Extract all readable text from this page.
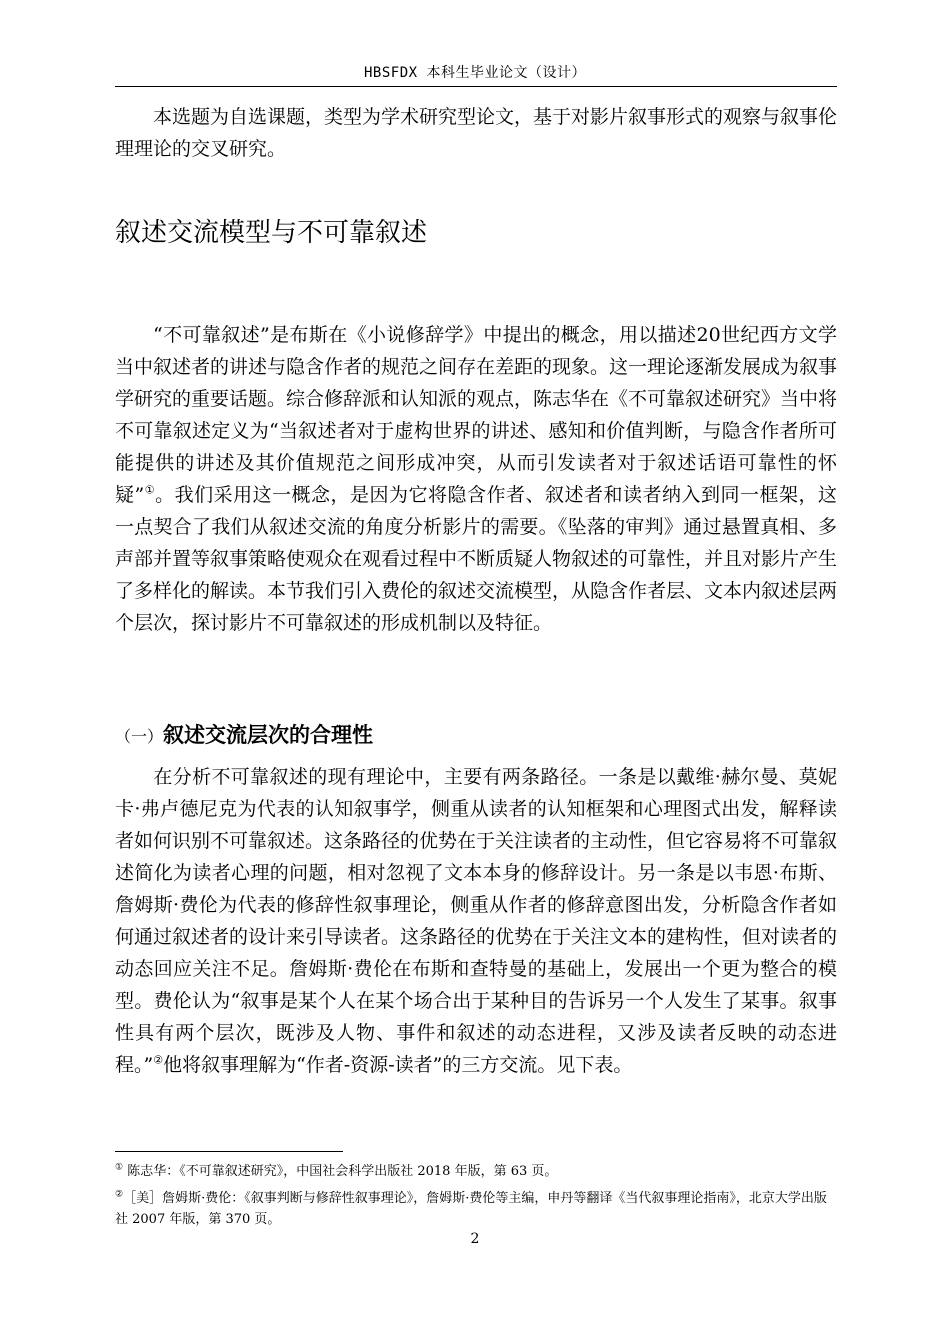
HBSFDX 本科生毕业论文（设计）

本选题为自选课题，类型为学术研究型论文，基于对影片叙事形式的观察与叙事伦理理论的交叉研究。

叙述交流模型与不可靠叙述

“不可靠叙述”是布斯在《小说修辞学》中提出的概念，用以描述20世纪西方文学当中叙述者的讲述与隐含作者的规范之间存在差距的现象。这一理论逐渐发展成为叙事学研究的重要话题。综合修辞派和认知派的观点，陈志华在《不可靠叙述研究》当中将不可靠叙述定义为“当叙述者对于虚构世界的讲述、感知和价值判断，与隐含作者所可能提供的讲述及其价值规范之间形成冲突，从而引发读者对于叙述话语可靠性的怀疑”①。我们采用这一概念，是因为它将隐含作者、叙述者和读者纳入到同一框架，这一点契合了我们从叙述交流的角度分析影片的需要。《坠落的审判》通过悬置真相、多声部并置等叙事策略使观众在观看过程中不断质疑人物叙述的可靠性，并且对影片产生了多样化的解读。本节我们引入费伦的叙述交流模型，从隐含作者层、文本内叙述层两个层次，探讨影片不可靠叙述的形成机制以及特征。

（一）叙述交流层次的合理性

在分析不可靠叙述的现有理论中，主要有两条路径。一条是以戴维·赫尔曼、莫妮卡·弗卢德尼克为代表的认知叙事学，侧重从读者的认知框架和心理图式出发，解释读者如何识别不可靠叙述。这条路径的优势在于关注读者的主动性，但它容易将不可靠叙述简化为读者心理的问题，相对忽视了文本本身的修辞设计。另一条是以韦恩·布斯、詹姆斯·费伦为代表的修辞性叙事理论，侧重从作者的修辞意图出发，分析隐含作者如何通过叙述者的设计来引导读者。这条路径的优势在于关注文本的建构性，但对读者的动态回应关注不足。詹姆斯·费伦在布斯和查特曼的基础上，发展出一个更为整合的模型。费伦认为“叙事是某个人在某个场合出于某种目的告诉另一个人发生了某事。叙事性具有两个层次，既涉及人物、事件和叙述的动态进程，又涉及读者反映的动态进程。”②他将叙事理解为“作者-资源-读者”的三方交流。见下表。

① 陈志华：《不可靠叙述研究》，中国社会科学出版社 2018 年版，第 63 页。

②［美］詹姆斯·费伦：《叙事判断与修辞性叙事理论》，詹姆斯·费伦等主编，申丹等翻译《当代叙事理论指南》，北京大学出版社 2007 年版，第 370 页。

2
